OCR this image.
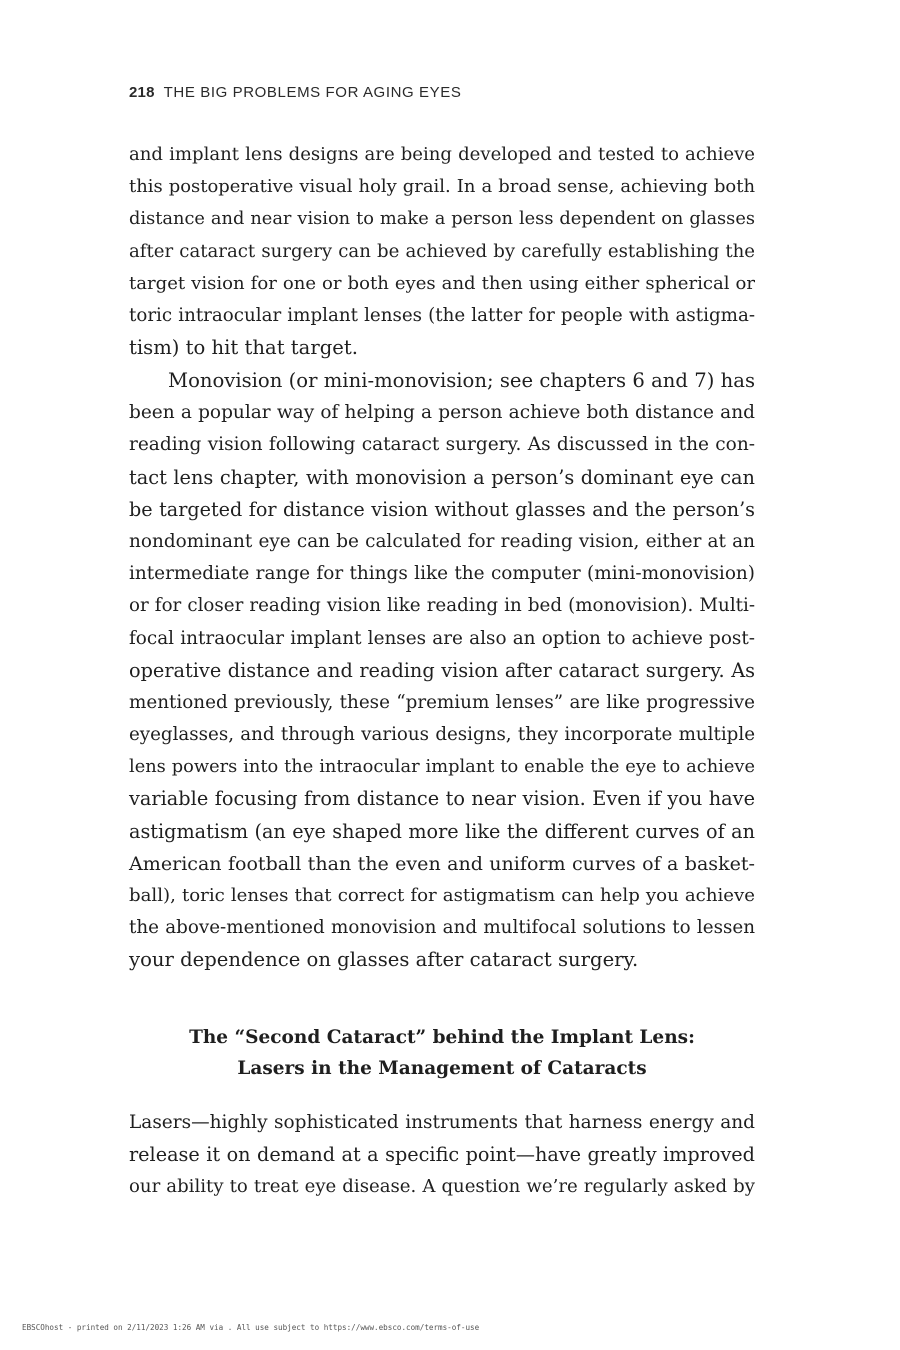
218 THE BIG PROBLEMS FOR AGING EYES
and implant lens designs are being developed and tested to achieve
this postoperative visual holy grail. In a broad sense, achieving both
distance and near vision to make a person less dependent on glasses
after cataract surgery can be achieved by carefully establishing the
target vision for one or both eyes and then using either spherical or
toric intraocular implant lenses (the latter for people with astigma-
tism) to hit that target.
Monovision (or mini-monovision; see chapters 6 and 7) has
been a popular way of helping a person achieve both distance and
reading vision following cataract surgery. As discussed in the con-
tact lens chapter, with monovision a person’s dominant eye can
be targeted for distance vision without glasses and the person’s
nondominant eye can be calculated for reading vision, either at an
intermediate range for things like the computer (mini-monovision)
or for closer reading vision like reading in bed (monovision). Multi-
focal intraocular implant lenses are also an option to achieve post-
operative distance and reading vision after cataract surgery. As
mentioned previously, these “premium lenses” are like progressive
eyeglasses, and through various designs, they incorporate multiple
lens powers into the intraocular implant to enable the eye to achieve
variable focusing from distance to near vision. Even if you have
astigmatism (an eye shaped more like the different curves of an
American football than the even and uniform curves of a basket-
ball), toric lenses that correct for astigmatism can help you achieve
the above-mentioned monovision and multifocal solutions to lessen
your dependence on glasses after cataract surgery.
The “Second Cataract” behind the Implant Lens:
Lasers in the Management of Cataracts
Lasers—highly sophisticated instruments that harness energy and
release it on demand at a specific point—have greatly improved
our ability to treat eye disease. A question we’re regularly asked by
EBSCOhost - printed on 2/11/2023 1:26 AM via . All use subject to https://www.ebsco.com/terms-of-use
